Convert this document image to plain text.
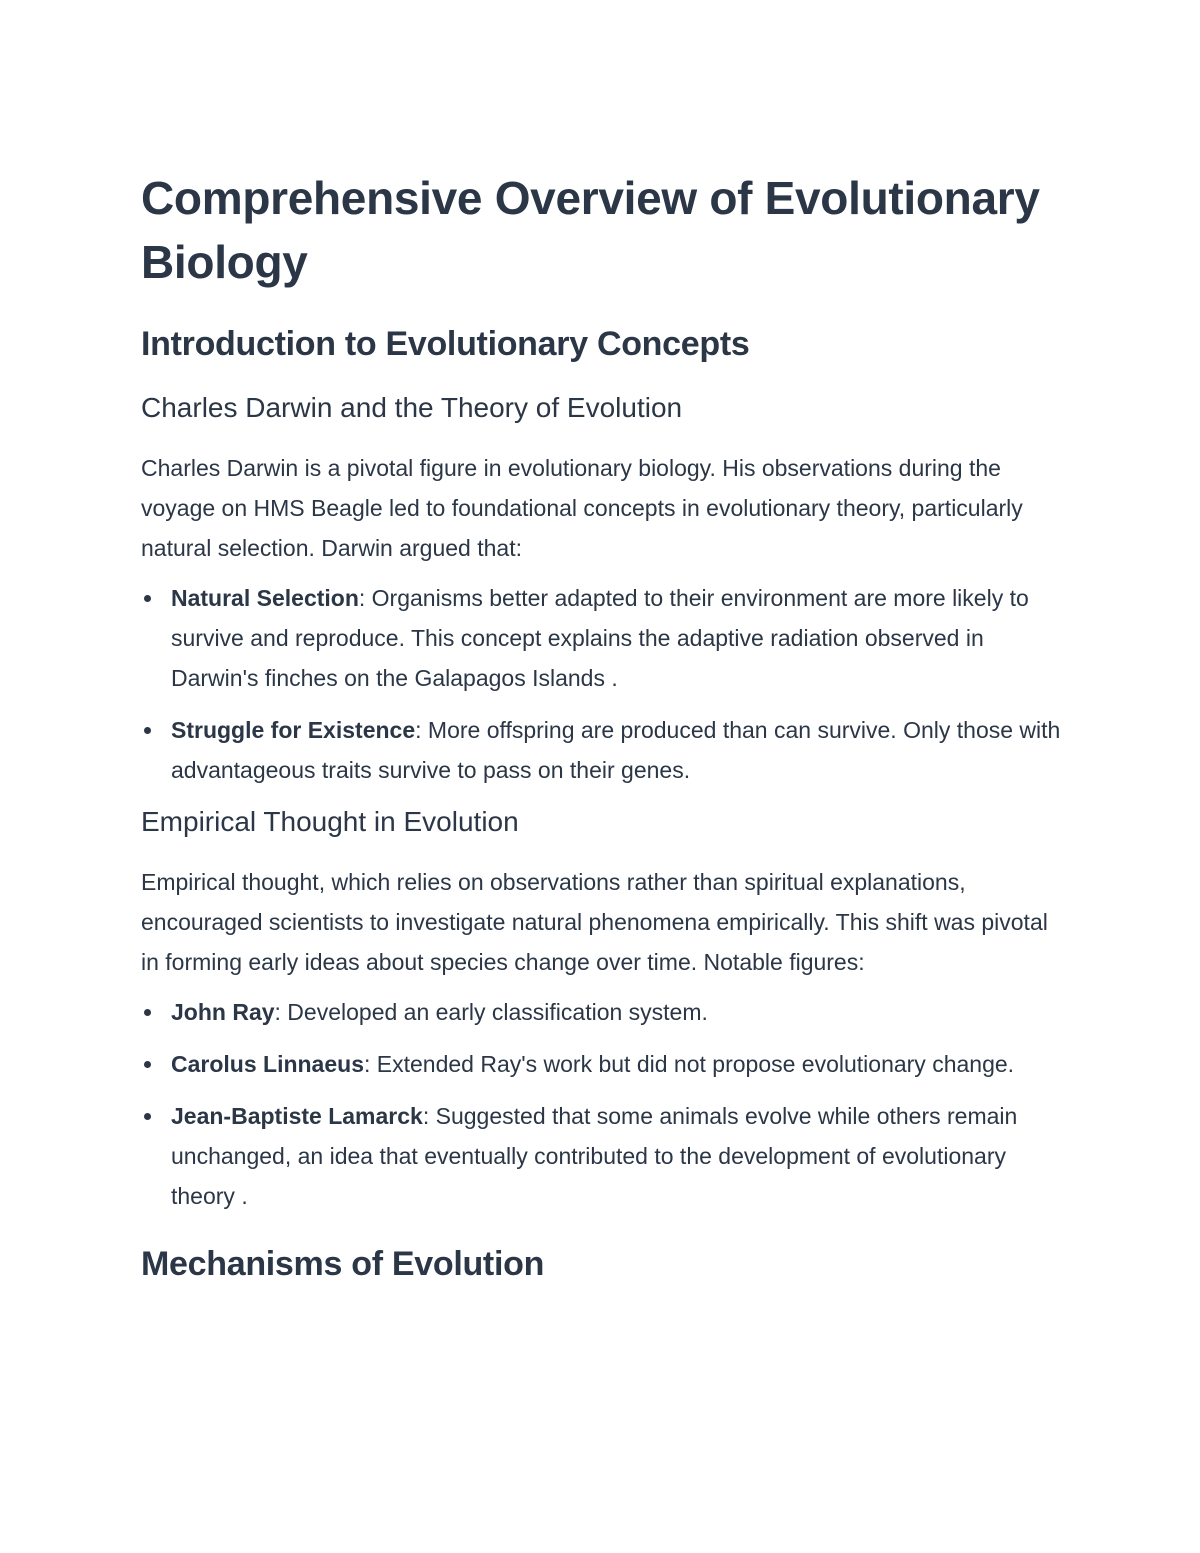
Comprehensive Overview of Evolutionary Biology
Introduction to Evolutionary Concepts
Charles Darwin and the Theory of Evolution

Charles Darwin is a pivotal figure in evolutionary biology. His observations during the voyage on HMS Beagle led to foundational concepts in evolutionary theory, particularly natural selection. Darwin argued that:

Natural Selection: Organisms better adapted to their environment are more likely to survive and reproduce. This concept explains the adaptive radiation observed in Darwin's finches on the Galapagos Islands .
Struggle for Existence: More offspring are produced than can survive. Only those with advantageous traits survive to pass on their genes.
Empirical Thought in Evolution

Empirical thought, which relies on observations rather than spiritual explanations, encouraged scientists to investigate natural phenomena empirically. This shift was pivotal in forming early ideas about species change over time. Notable figures:

John Ray: Developed an early classification system.
Carolus Linnaeus: Extended Ray's work but did not propose evolutionary change.
Jean-Baptiste Lamarck: Suggested that some animals evolve while others remain unchanged, an idea that eventually contributed to the development of evolutionary theory .
Mechanisms of Evolution
